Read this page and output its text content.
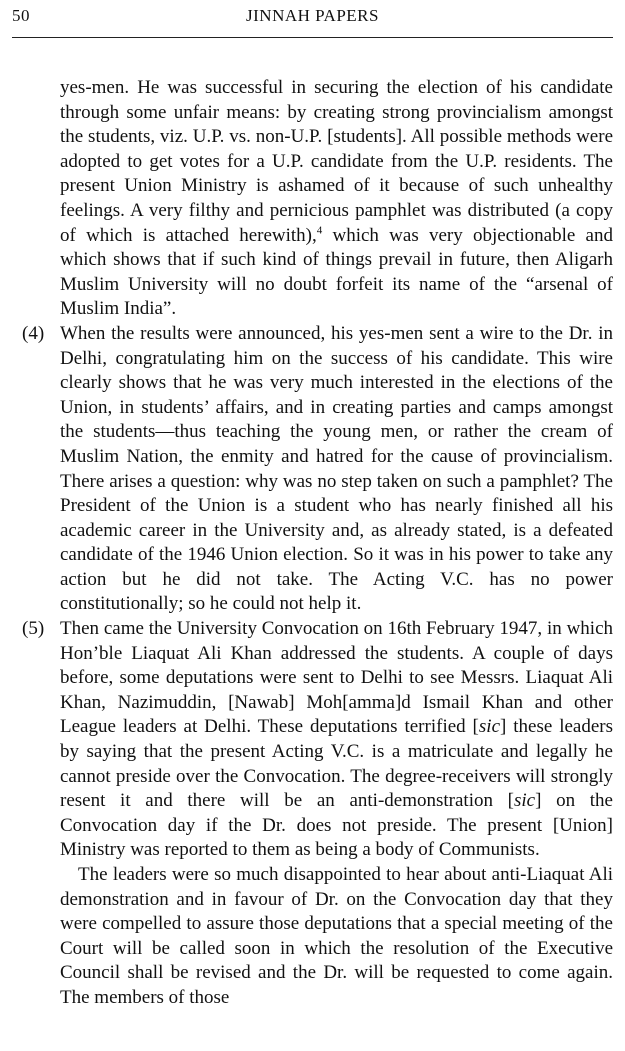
50	JINNAH PAPERS

yes-men. He was successful in securing the election of his candidate through some unfair means: by creating strong provincialism amongst the students, viz. U.P. vs. non-U.P. [students]. All possible methods were adopted to get votes for a U.P. candidate from the U.P. residents. The present Union Ministry is ashamed of it because of such unhealthy feelings. A very filthy and pernicious pamphlet was distributed (a copy of which is attached herewith),$^4$ which was very objectionable and which shows that if such kind of things prevail in future, then Aligarh Muslim University will no doubt forfeit its name of the “arsenal of Muslim India”.

(4) When the results were announced, his yes-men sent a wire to the Dr. in Delhi, congratulating him on the success of his candidate. This wire clearly shows that he was very much interested in the elections of the Union, in students’ affairs, and in creating parties and camps amongst the students—thus teaching the young men, or rather the cream of Muslim Nation, the enmity and hatred for the cause of provincialism. There arises a question: why was no step taken on such a pamphlet? The President of the Union is a student who has nearly finished all his academic career in the University and, as already stated, is a defeated candidate of the 1946 Union election. So it was in his power to take any action but he did not take. The Acting V.C. has no power constitutionally; so he could not help it.
(5) Then came the University Convocation on 16th February 1947, in which Hon’ble Liaquat Ali Khan addressed the students. A couple of days before, some deputations were sent to Delhi to see Messrs. Liaquat Ali Khan, Nazimuddin, [Nawab] Moh[amma]d Ismail Khan and other League leaders at Delhi. These deputations terrified [sic] these leaders by saying that the present Acting V.C. is a matriculate and legally he cannot preside over the Convocation. The degree-receivers will strongly resent it and there will be an anti-demonstration [sic] on the Convocation day if the Dr. does not preside. The present [Union] Ministry was reported to them as being a body of Communists.

The leaders were so much disappointed to hear about anti-Liaquat Ali demonstration and in favour of Dr. on the Convocation day that they were compelled to assure those deputations that a special meeting of the Court will be called soon in which the resolution of the Executive Council shall be revised and the Dr. will be requested to come again. The members of those
